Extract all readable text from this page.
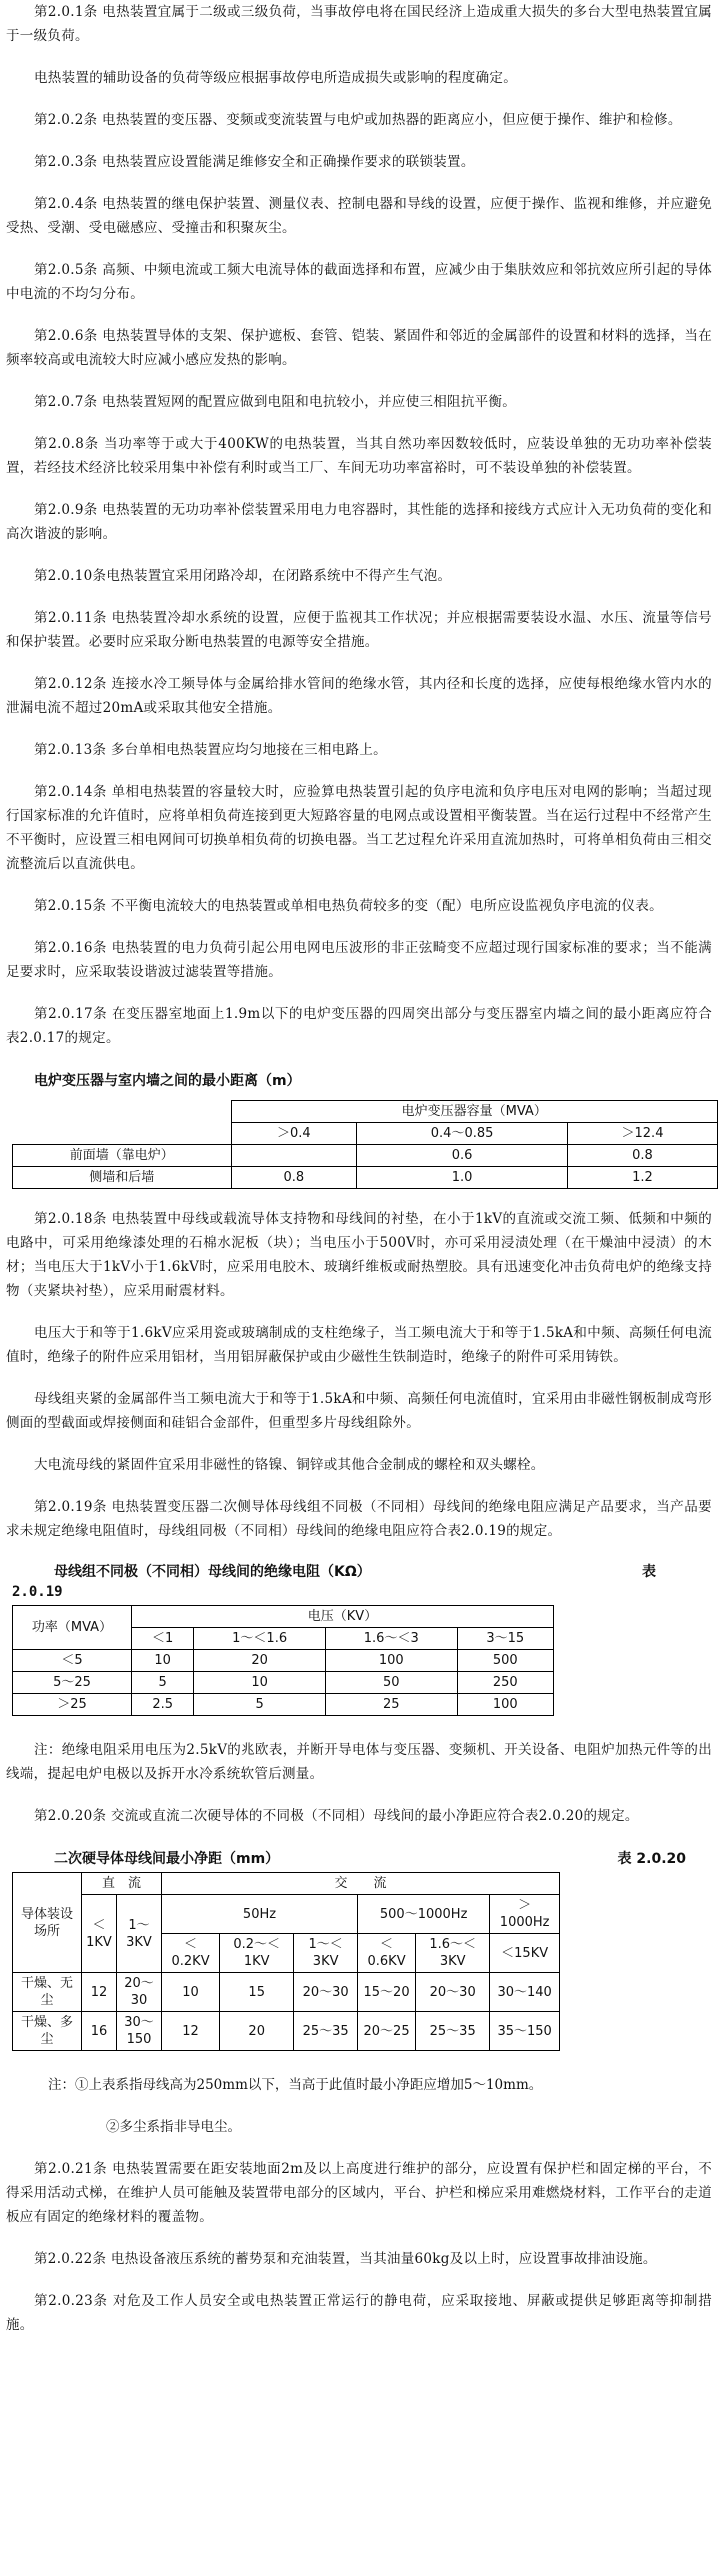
第2.0.1条 电热装置宜属于二级或三级负荷，当事故停电将在国民经济上造成重大损失的多台大型电热装置宜属于一级负荷。

电热装置的辅助设备的负荷等级应根据事故停电所造成损失或影响的程度确定。

第2.0.2条 电热装置的变压器、变频或变流装置与电炉或加热器的距离应小，但应便于操作、维护和检修。

第2.0.3条 电热装置应设置能满足维修安全和正确操作要求的联锁装置。

第2.0.4条 电热装置的继电保护装置、测量仪表、控制电器和导线的设置，应便于操作、监视和维修，并应避免受热、受潮、受电磁感应、受撞击和积聚灰尘。

第2.0.5条 高频、中频电流或工频大电流导体的截面选择和布置，应减少由于集肤效应和邻抗效应所引起的导体中电流的不均匀分布。

第2.0.6条 电热装置导体的支架、保护遮板、套管、铠装、紧固件和邻近的金属部件的设置和材料的选择，当在频率较高或电流较大时应减小感应发热的影响。

第2.0.7条 电热装置短网的配置应做到电阻和电抗较小，并应使三相阻抗平衡。

第2.0.8条 当功率等于或大于400KW的电热装置，当其自然功率因数较低时，应装设单独的无功功率补偿装置，若经技术经济比较采用集中补偿有利时或当工厂、车间无功功率富裕时，可不装设单独的补偿装置。

第2.0.9条 电热装置的无功功率补偿装置采用电力电容器时，其性能的选择和接线方式应计入无功负荷的变化和高次谐波的影响。

第2.0.10条电热装置宜采用闭路冷却，在闭路系统中不得产生气泡。

第2.0.11条 电热装置冷却水系统的设置，应便于监视其工作状况；并应根据需要装设水温、水压、流量等信号和保护装置。必要时应采取分断电热装置的电源等安全措施。

第2.0.12条 连接水冷工频导体与金属给排水管间的绝缘水管，其内径和长度的选择，应使每根绝缘水管内水的泄漏电流不超过20mA或采取其他安全措施。

第2.0.13条 多台单相电热装置应均匀地接在三相电路上。

第2.0.14条 单相电热装置的容量较大时，应验算电热装置引起的负序电流和负序电压对电网的影响；当超过现行国家标准的允许值时，应将单相负荷连接到更大短路容量的电网点或设置相平衡装置。当在运行过程中不经常产生不平衡时，应设置三相电网间可切换单相负荷的切换电器。当工艺过程允许采用直流加热时，可将单相负荷由三相交流整流后以直流供电。

第2.0.15条 不平衡电流较大的电热装置或单相电热负荷较多的变（配）电所应设监视负序电流的仪表。

第2.0.16条 电热装置的电力负荷引起公用电网电压波形的非正弦畸变不应超过现行国家标准的要求；当不能满足要求时，应采取装设谐波过滤装置等措施。

第2.0.17条 在变压器室地面上1.9m以下的电炉变压器的四周突出部分与变压器室内墙之间的最小距离应符合表2.0.17的规定。

电炉变压器与室内墙之间的最小距离（m）
	电炉变压器容量（MVA）		
	＞0.4	0.4～0.85	＞12.4
前面墙（靠电炉）		0.6	0.8
侧墙和后墙	0.8	1.0	1.2

第2.0.18条 电热装置中母线或载流导体支持物和母线间的衬垫，在小于1kV的直流或交流工频、低频和中频的电路中，可采用绝缘漆处理的石棉水泥板（块）；当电压小于500V时，亦可采用浸渍处理（在干燥油中浸渍）的木材；当电压大于1kV小于1.6kV时，应采用电胶木、玻璃纤维板或耐热塑胶。具有迅速变化冲击负荷电炉的绝缘支持物（夹紧块衬垫），应采用耐震材料。

电压大于和等于1.6kV应采用瓷或玻璃制成的支柱绝缘子，当工频电流大于和等于1.5kA和中频、高频任何电流值时，绝缘子的附件应采用铝材，当用铝屏蔽保护或由少磁性生铁制造时，绝缘子的附件可采用铸铁。

母线组夹紧的金属部件当工频电流大于和等于1.5kA和中频、高频任何电流值时，宜采用由非磁性钢板制成弯形侧面的型截面或焊接侧面和硅铝合金部件，但重型多片母线组除外。

大电流母线的紧固件宜采用非磁性的铬镍、铜锌或其他合金制成的螺栓和双头螺栓。

第2.0.19条 电热装置变压器二次侧导体母线组不同极（不同相）母线间的绝缘电阻应满足产品要求，当产品要求未规定绝缘电阻值时，母线组同极（不同相）母线间的绝缘电阻应符合表2.0.19的规定。

母线组不同极（不同相）母线间的绝缘电阻（KΩ）	表
2.0.19
功率（MVA）	电压（KV）			
	＜1	1～＜1.6	1.6～＜3	3～15
＜5	10	20	100	500
5～25	5	10	50	250
＞25	2.5	5	25	100

注：绝缘电阻采用电压为2.5kV的兆欧表，并断开导电体与变压器、变频机、开关设备、电阻炉加热元件等的出线端，提起电炉电极以及拆开水冷系统软管后测量。

第2.0.20条 交流或直流二次硬导体的不同极（不同相）母线间的最小净距应符合表2.0.20的规定。

二次硬导体母线间最小净距（mm）	表 2.0.20
导体装设场所	直　流		交　　流					
	＜1KV	1～3KV	50Hz			500～1000Hz		＞1000Hz
			＜0.2KV	0.2～＜1KV	1～＜3KV	＜0.6KV	1.6～＜3KV	＜15KV
干燥、无尘	12	20～30	10	15	20～30	15～20	20～30	30～140
干燥、多尘	16	30～150	12	20	25～35	20～25	25～35	35～150

注：①上表系指母线高为250mm以下，当高于此值时最小净距应增加5～10mm。

②多尘系指非导电尘。

第2.0.21条 电热装置需要在距安装地面2m及以上高度进行维护的部分，应设置有保护栏和固定梯的平台，不得采用活动式梯，在维护人员可能触及装置带电部分的区域内，平台、护栏和梯应采用难燃烧材料，工作平台的走道板应有固定的绝缘材料的覆盖物。

第2.0.22条 电热设备液压系统的蓄势泵和充油装置，当其油量60kg及以上时，应设置事故排油设施。

第2.0.23条 对危及工作人员安全或电热装置正常运行的静电荷，应采取接地、屏蔽或提供足够距离等抑制措施。
